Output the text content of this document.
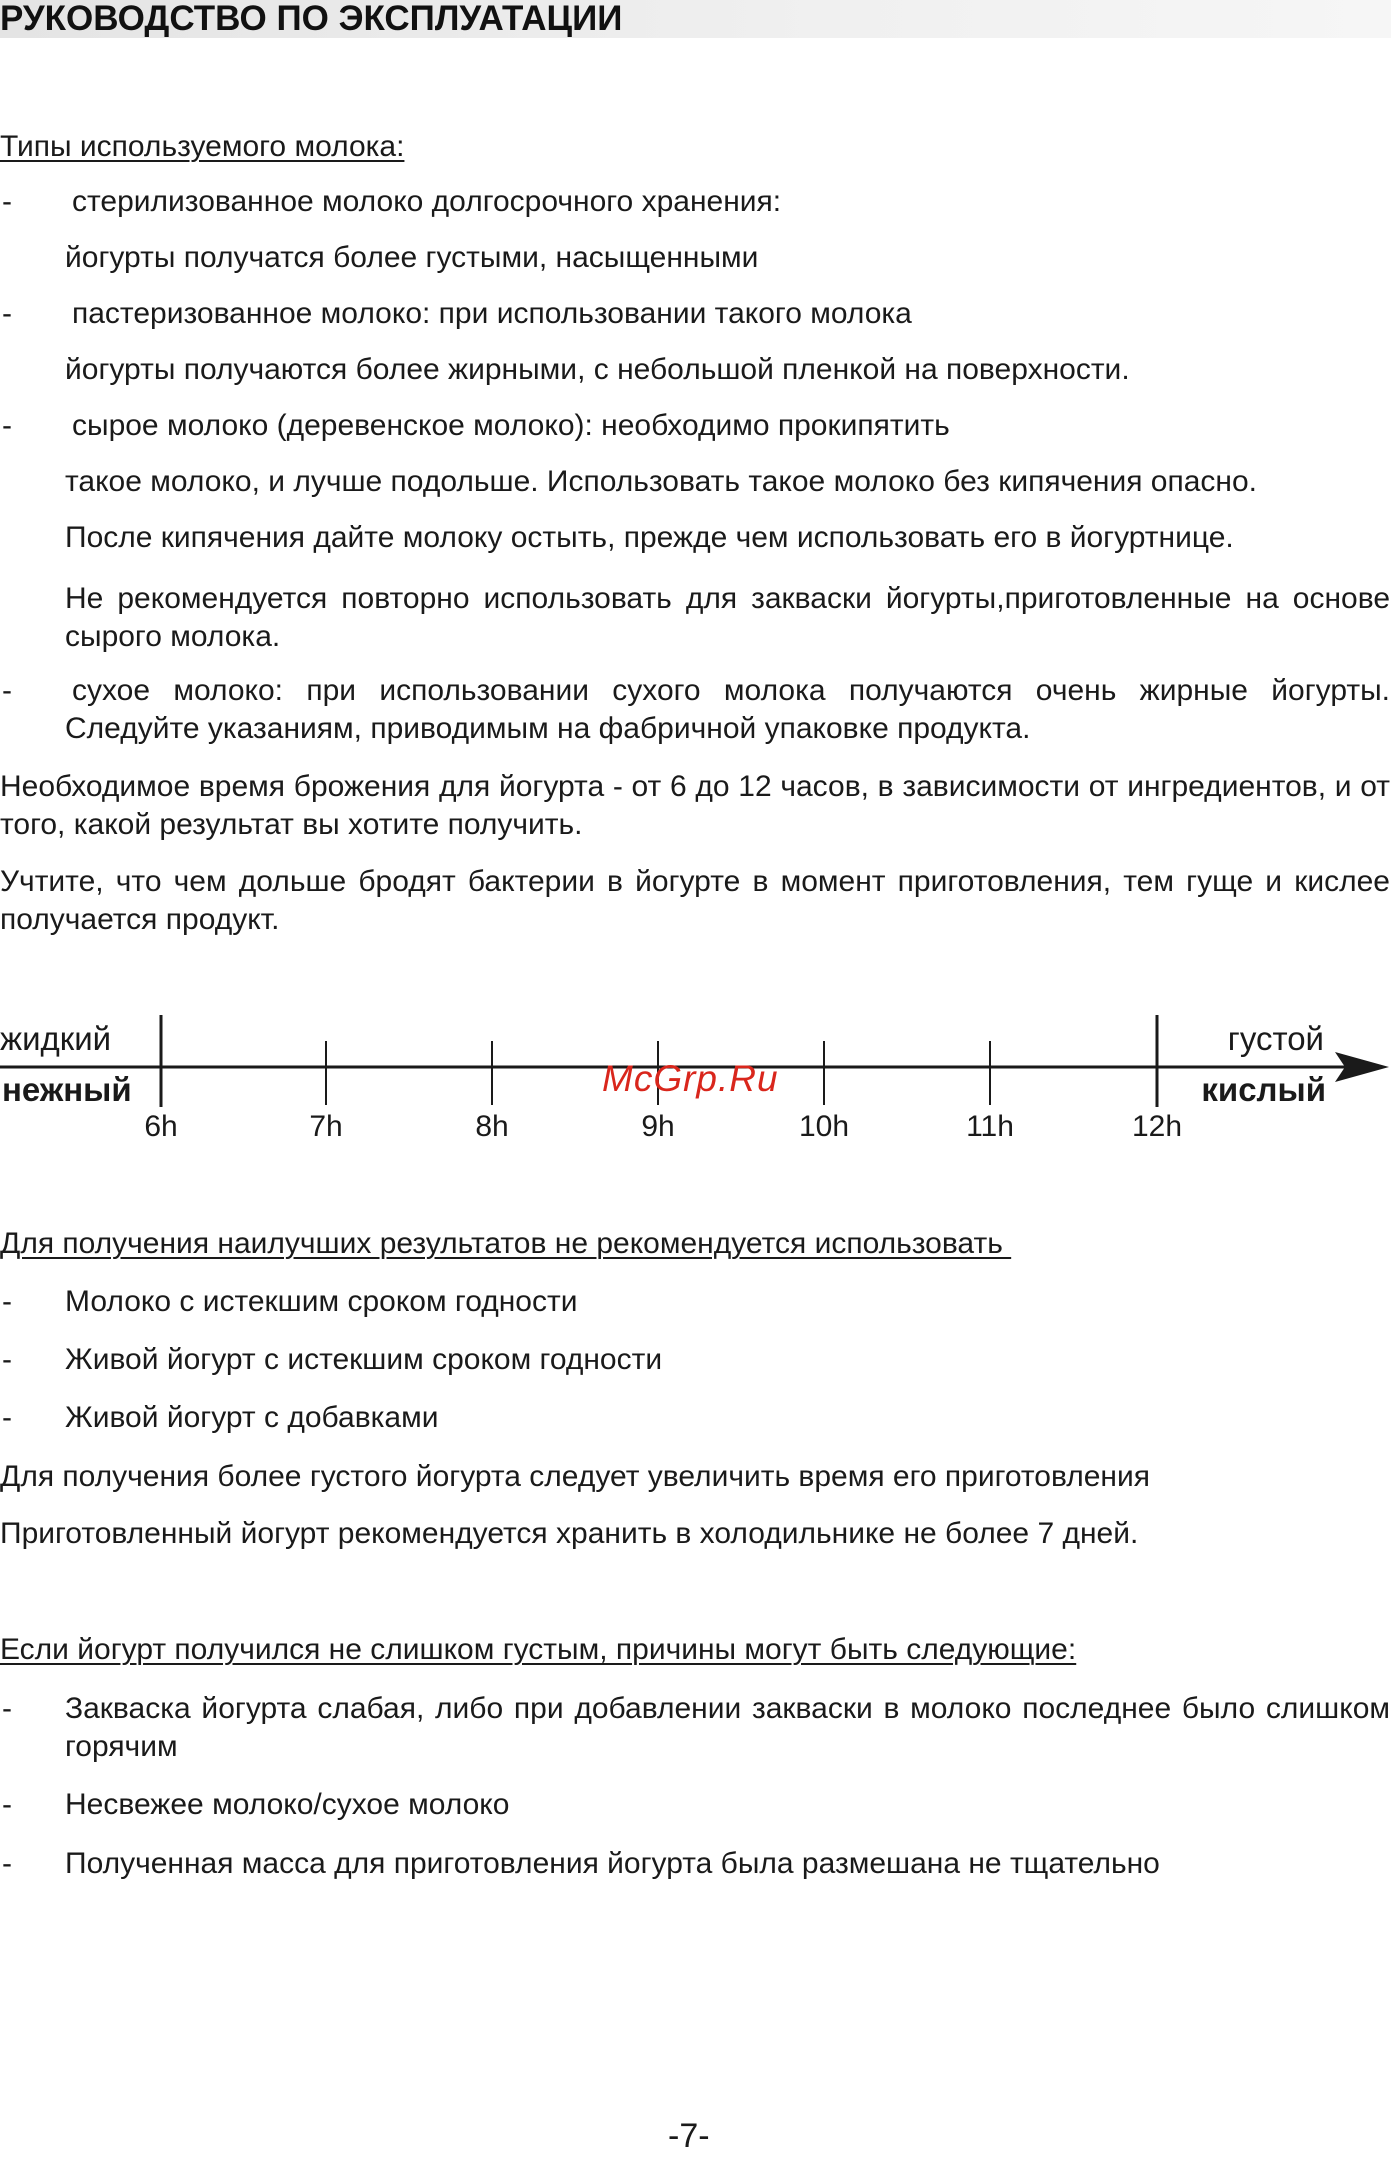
РУКОВОДСТВО ПО ЭКСПЛУАТАЦИИ
Типы используемого молока:
- стерилизованное молоко долгосрочного хранения:
йогурты получатся более густыми, насыщенными
- пастеризованное молоко: при использовании такого молока
йогурты получаются более жирными, с небольшой пленкой на поверхности.
- сырое молоко (деревенское молоко): необходимо прокипятить
такое молоко, и лучше подольше. Использовать такое молоко без кипячения опасно.
После кипячения дайте молоку остыть, прежде чем использовать его в йогуртнице.
Не рекомендуется повторно использовать для закваски йогурты,приготовленные на основе сырого молока.
- сухое молоко: при использовании сухого молока получаются очень жирные йогурты. Следуйте указаниям, приводимым на фабричной упаковке продукта.
Необходимое время брожения для йогурта - от 6 до 12 часов, в зависимости от ингредиентов, и от того, какой результат вы хотите получить.
Учтите, что чем дольше бродят бактерии в йогурте в момент приготовления, тем гуще и кислее получается продукт.
жидкий
нежный
густой
кислый
McGrp.Ru
6h	7h	8h	9h	10h	11h	12h
Для получения наилучших результатов не рекомендуется использовать
- Молоко с истекшим сроком годности
- Живой йогурт с истекшим сроком годности
- Живой йогурт с добавками
Для получения более густого йогурта следует увеличить время его приготовления
Приготовленный йогурт рекомендуется хранить в холодильнике не более 7 дней.
Если йогурт получился не слишком густым, причины могут быть следующие:
- Закваска йогурта слабая, либо при добавлении закваски в молоко последнее было слишком горячим
- Несвежее молоко/сухое молоко
- Полученная масса для приготовления йогурта была размешана не тщательно
-7-
